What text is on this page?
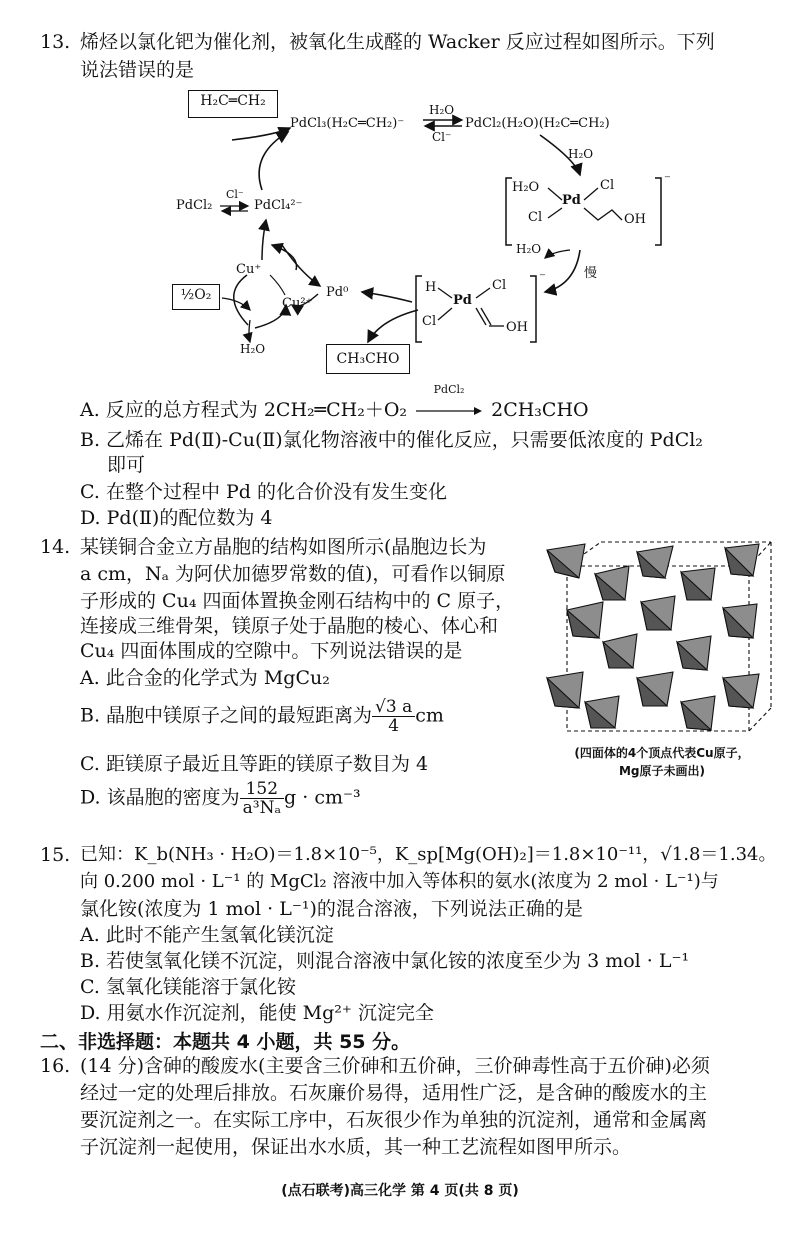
13. 烯烃以氯化钯为催化剂，被氧化生成醛的 Wacker 反应过程如图所示。下列
说法错误的是
H₂C═CH₂
PdCl₃(H₂C═CH₂)⁻
H₂O
Cl⁻
PdCl₂(H₂O)(H₂C═CH₂)
H₂O
PdCl₂
Cl⁻
PdCl₄²⁻
H₂O
Pd
Cl
Cl	OH
⁻
H₂O
慢
Cu⁺
Cu²⁺
Pd⁰
½O₂
H₂O
H
Pd
Cl
Cl	OH
⁻
CH₃CHO
A. 反应的总方程式为 2CH₂═CH₂＋O₂
PdCl₂
2CH₃CHO
B. 乙烯在 Pd(Ⅱ)-Cu(Ⅱ)氯化物溶液中的催化反应，只需要低浓度的 PdCl₂
即可
C. 在整个过程中 Pd 的化合价没有发生变化
D. Pd(Ⅱ)的配位数为 4
14. 某镁铜合金立方晶胞的结构如图所示(晶胞边长为
a cm，Nₐ 为阿伏加德罗常数的值)，可看作以铜原
子形成的 Cu₄ 四面体置换金刚石结构中的 C 原子，
连接成三维骨架，镁原子处于晶胞的棱心、体心和
Cu₄ 四面体围成的空隙中。下列说法错误的是
A. 此合金的化学式为 MgCu₂
B. 晶胞中镁原子之间的最短距离为 $\frac{√3 a}{4}$ cm
C. 距镁原子最近且等距的镁原子数目为 4
D. 该晶胞的密度为 $\frac{152}{\text{a³Nₐ}}$ g · cm⁻³
(四面体的4个顶点代表Cu原子，
Mg原子未画出)
15. 已知：K_b(NH₃ · H₂O)＝1.8×10⁻⁵，K_sp[Mg(OH)₂]＝1.8×10⁻¹¹，√1.8＝1.34。
向 0.200 mol · L⁻¹ 的 MgCl₂ 溶液中加入等体积的氨水(浓度为 2 mol · L⁻¹)与
氯化铵(浓度为 1 mol · L⁻¹)的混合溶液，下列说法正确的是
A. 此时不能产生氢氧化镁沉淀
B. 若使氢氧化镁不沉淀，则混合溶液中氯化铵的浓度至少为 3 mol · L⁻¹
C. 氢氧化镁能溶于氯化铵
D. 用氨水作沉淀剂，能使 Mg²⁺ 沉淀完全
二、非选择题：本题共 4 小题，共 55 分。
16. (14 分)含砷的酸废水(主要含三价砷和五价砷，三价砷毒性高于五价砷)必须
经过一定的处理后排放。石灰廉价易得，适用性广泛，是含砷的酸废水的主
要沉淀剂之一。在实际工序中，石灰很少作为单独的沉淀剂，通常和金属离
子沉淀剂一起使用，保证出水水质，其一种工艺流程如图甲所示。
(点石联考)高三化学 第 4 页(共 8 页)
